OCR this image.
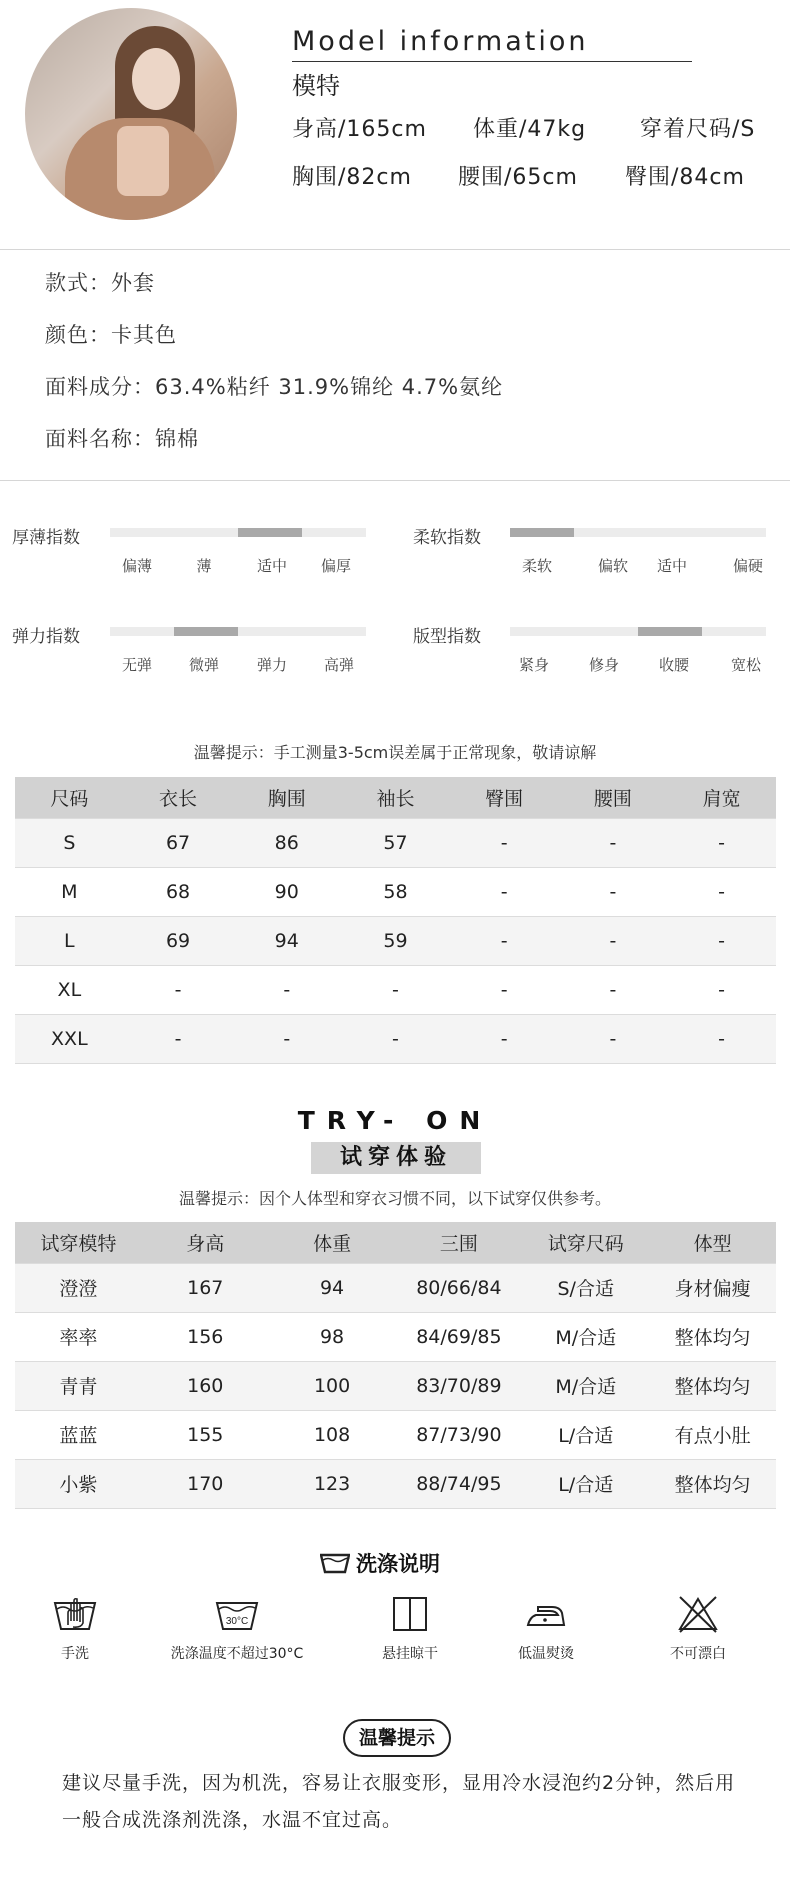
Model information
模特
身高/165cm 体重/47kg 穿着尺码/S
胸围/82cm 腰围/65cm 臀围/84cm
款式：外套
颜色：卡其色
面料成分：63.4%粘纤 31.9%锦纶 4.7%氨纶
面料名称：锦棉
厚薄指数
偏薄	薄	适中	偏厚
柔软指数
柔软	偏软	适中	偏硬
弹力指数
无弹	微弹	弹力	高弹
版型指数
紧身	修身	收腰	宽松
温馨提示：手工测量3-5cm误差属于正常现象，敬请谅解
尺码	衣长	胸围	袖长	臀围	腰围	肩宽
S	67	86	57	-	-	-
M	68	90	58	-	-	-
L	69	94	59	-	-	-
XL	-	-	-	-	-	-
XXL	-	-	-	-	-	-
TRY- ON
试穿体验
温馨提示：因个人体型和穿衣习惯不同，以下试穿仅供参考。
试穿模特	身高	体重	三围	试穿尺码	体型
澄澄	167	94	80/66/84	S/合适	身材偏瘦
率率	156	98	84/69/85	M/合适	整体均匀
青青	160	100	83/70/89	M/合适	整体均匀
蓝蓝	155	108	87/73/90	L/合适	有点小肚
小紫	170	123	88/74/95	L/合适	整体均匀
洗涤说明
手洗
30°C
洗涤温度不超过30°C	悬挂晾干	低温熨烫	不可漂白
温馨提示
建议尽量手洗，因为机洗，容易让衣服变形，显用冷水浸泡约2分钟，然后用一般合成洗涤剂洗涤，水温不宜过高。
